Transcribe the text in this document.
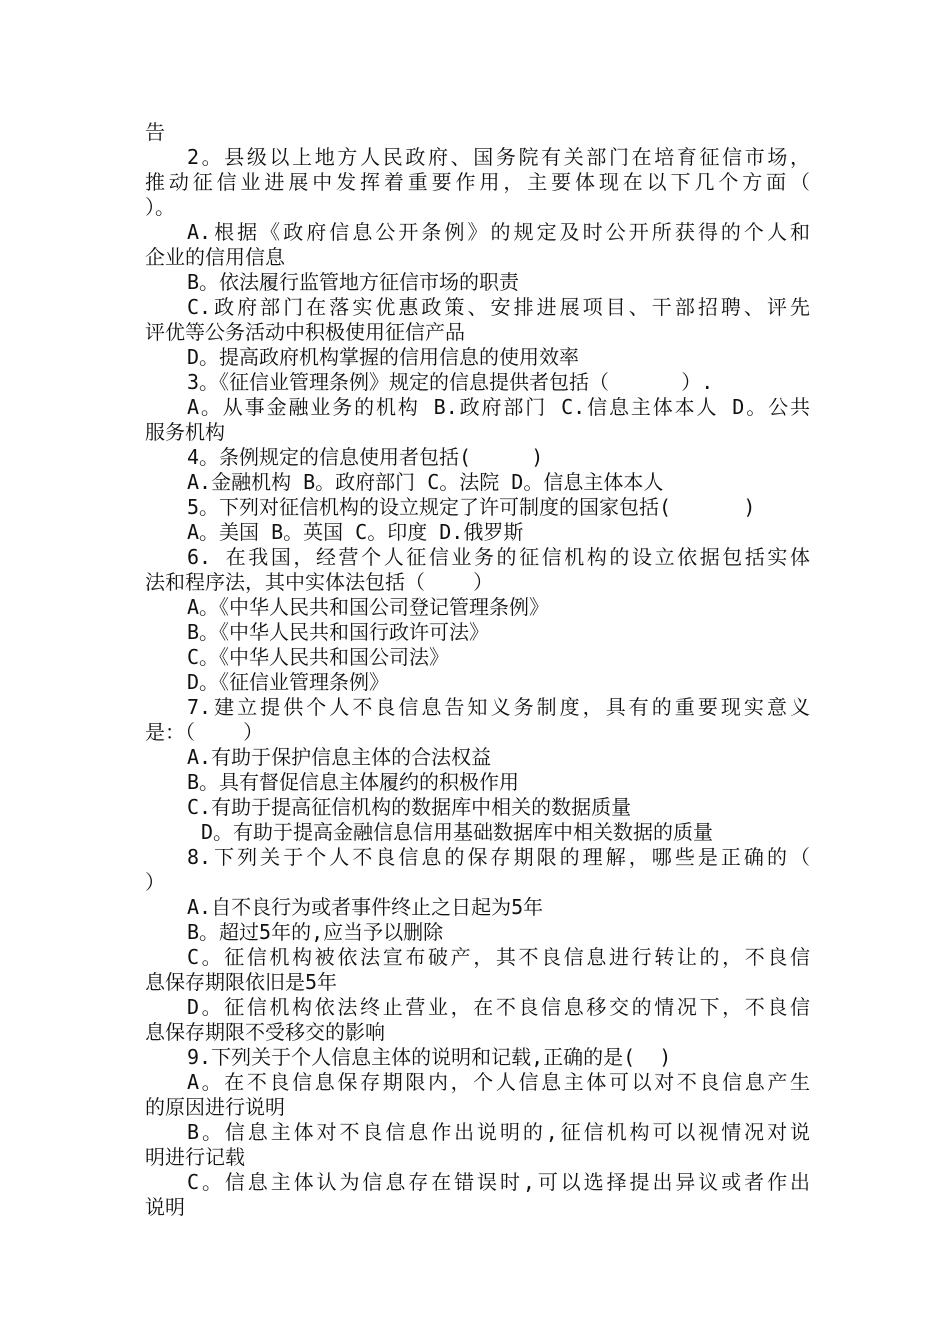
告
2。县级以上地方人民政府、国务院有关部门在培育征信市场，
推动征信业进展中发挥着重要作用，主要体现在以下几个方面（
）。
A.根据《政府信息公开条例》的规定及时公开所获得的个人和
企业的信用信息
B。依法履行监管地方征信市场的职责
C.政府部门在落实优惠政策、安排进展项目、干部招聘、评先
评优等公务活动中积极使用征信产品
D。提高政府机构掌握的信用信息的使用效率
3。《征信业管理条例》规定的信息提供者包括（      ）.
A。从事金融业务的机构 B.政府部门 C.信息主体本人 D。公共
服务机构
4。条例规定的信息使用者包括(     )
A.金融机构 B。政府部门 C。法院 D。信息主体本人
5。下列对征信机构的设立规定了许可制度的国家包括(      )
A。美国 B。英国 C。印度 D.俄罗斯
6. 在我国，经营个人征信业务的征信机构的设立依据包括实体
法和程序法，其中实体法包括（    ）
A。《中华人民共和国公司登记管理条例》
B。《中华人民共和国行政许可法》
C。《中华人民共和国公司法》
D。《征信业管理条例》
7.建立提供个人不良信息告知义务制度，具有的重要现实意义
是：（    ）
A.有助于保护信息主体的合法权益
B。具有督促信息主体履约的积极作用
C.有助于提高征信机构的数据库中相关的数据质量
D。有助于提高金融信息信用基础数据库中相关数据的质量
8.下列关于个人不良信息的保存期限的理解，哪些是正确的（
）
A.自不良行为或者事件终止之日起为5年
B。超过5年的,应当予以删除
C。征信机构被依法宣布破产，其不良信息进行转让的，不良信
息保存期限依旧是5年
D。征信机构依法终止营业，在不良信息移交的情况下，不良信
息保存期限不受移交的影响
9.下列关于个人信息主体的说明和记载,正确的是(  )
A。在不良信息保存期限内，个人信息主体可以对不良信息产生
的原因进行说明
B。信息主体对不良信息作出说明的,征信机构可以视情况对说
明进行记载
C。信息主体认为信息存在错误时,可以选择提出异议或者作出
说明
